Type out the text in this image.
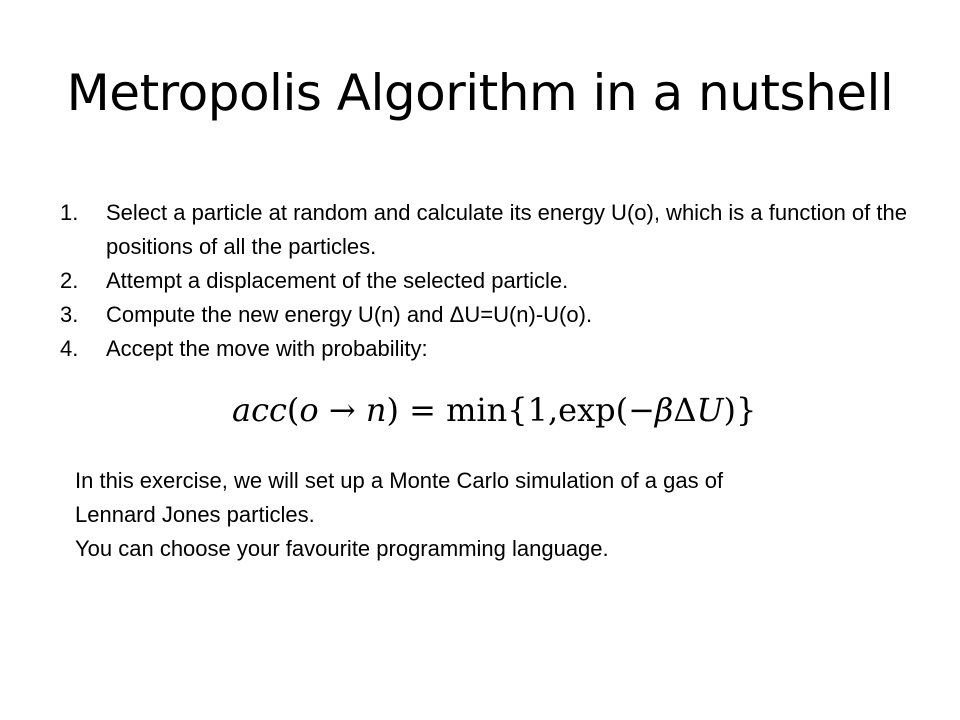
Metropolis Algorithm in a nutshell
1. Select a particle at random and calculate its energy U(o), which is a function of the positions of all the particles.
2. Attempt a displacement of the selected particle.
3. Compute the new energy U(n) and ΔU=U(n)-U(o).
4. Accept the move with probability:
acc(o → n) = min{1,exp(−βΔU)}
In this exercise, we will set up a Monte Carlo simulation of a gas of
Lennard Jones particles.
You can choose your favourite programming language.
